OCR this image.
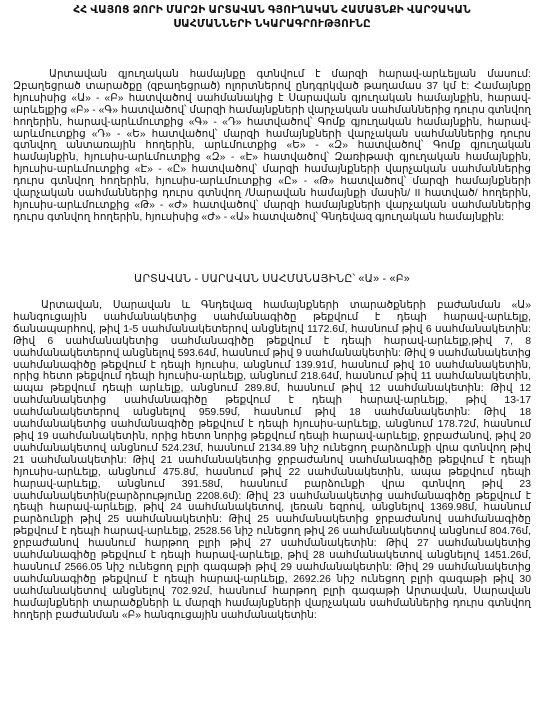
ՀՀ ՎԱՅՈՑ ՁՈՐԻ ՄԱՐԶԻ ԱՐՏԱՎԱՆ ԳՅՈՒՂԱԿԱՆ ՀԱՄԱՅՆՔԻ ՎԱՐՉԱԿԱՆ
ՍԱՀՄԱՆՆԵՐԻ ՆԿԱՐԱԳՐՈՒԹՅՈՒՆԸ

Արտավան գյուղական համայնքը գտնվում է մարզի հարավ-արևելյան մասում: Զբաղեցրած տարածքը (զբաղեցրած) ոլորտներով ընդգրկված թաղամաս 37 կմ է: Համայնքը հյուսիսից «Ա» - «Բ» հատվածով սահմանակից է Սարավան գյուղական համայնքին, հարավ-արևելքից «Բ» - «Գ» հատվածով՝ մարզի համայնքների վարչական սահմաններից դուրս գտնվող հողերին, հարավ-արևմուտքից «Գ» - «Դ» հատվածով՝ Գոմք գյուղական համայնքին, հարավ-արևմուտքից «Դ» - «Ե» հատվածով՝ մարզի համայնքների վարչական սահմաններից դուրս գտնվող անտառային հողերին, արևմուտքից «Ե» - «Զ» հատվածով՝ Գոմք գյուղական համայնքին, հյուսիս-արևմուտքից «Զ» - «Է» հատվածով՝ Զառիթափ գյուղական համայնքին, հյուսիս-արևմուտքից «Է» - «Ը» հատվածով՝ մարզի համայնքների վարչական սահմաններից դուրս գտնվող հողերին, հյուսիս-արևմուտքից «Ը» - «Թ» հատվածով՝ մարզի համայնքների վարչական սահմաններից դուրս գտնվող /Սարավան համայնքի մասին/ II հատված/ հողերին, հյուսիս-արևմուտքից «Թ» - «Ժ» հատվածով՝ մարզի համայնքների վարչական սահմաններից դուրս գտնվող հողերին, հյուսիսից «Ժ» - «Ա» հատվածով՝ Գնդեվազ գյուղական համայնքին:

ԱՐՏԱՎԱՆ - ՍԱՐԱՎԱՆ ՍԱՀՄԱՆԱՅԻՆԸ՝ «Ա» - «Բ»

Արտավան, Սարավան և Գնդեվազ համայնքների տարածքների բաժանման «Ա» հանգուցային սահմանակետից սահմանագիծը թեքվում է դեպի հարավ-արևելք, ճանապարհով, թիվ 1-5 սահմանակետերով անցնելով 1172.6մ, հասնում թիվ 6 սահմանակետին: Թիվ 6 սահմանակետից սահմանագիծը թեքվում է դեպի հարավ-արևելք,թիվ 7, 8 սահմանակետերով անցնելով 593.64մ, հասնում թիվ 9 սահմանակետին: Թիվ 9 սահմանակետից սահմանագիծը թեքվում է դեպի հյուսիս, անցնում 139.91մ, հասնում թիվ 10 սահմանակետին, որից հետո թեքվում դեպի հյուսիս-արևելք, անցնում 218.64մ, հասնում թիվ 11 սահմանակետին, ապա թեքվում դեպի արևելք, անցնում 289.8մ, հասնում թիվ 12 սահմանակետին: Թիվ 12 սահմանակետից սահմանագիծը թեքվում է դեպի հարավ-արևելք, թիվ 13-17 սահմանակետերով անցնելով 959.59մ, հասնում թիվ 18 սահմանակետին: Թիվ 18 սահմանակետից սահմանագիծը թեքվում է դեպի հյուսիս-արևելք, անցնում 178.72մ, հասնում թիվ 19 սահմանակետին, որից հետո նորից թեքվում դեպի հարավ-արևելք, ջրբաժանով, թիվ 20 սահմանակետով անցնում 524.23մ, հասնում 2134.89 նիշ ունեցող բարձունքի վրա գտնվող թիվ 21 սահմանակետին: Թիվ 21 սահմանակետից ջրբաժանով սահմանագիծը թեքվում է դեպի հյուսիս-արևելք, անցնում 475.8մ, հասնում թիվ 22 սահմանակետին, ապա թեքվում դեպի հարավ-արևելք, անցնում 391.58մ, հասնում բարձունքի վրա գտնվող թիվ 23 սահմանակետին(բարձրությունը 2208.6մ): Թիվ 23 սահմանակետից սահմանագիծը թեքվում է դեպի հարավ-արևելք, թիվ 24 սահմանակետով, լեռան եզրով, անցնելով 1369.98մ, հասնում բարձունքի թիվ 25 սահմանակետին: Թիվ 25 սահմանակետից ջրբաժանով սահմանագիծը թեքվում է դեպի հարավ-արևելք, 2528.56 նիշ ունեցող թիվ 26 սահմանակետով անցնում 804.76մ, ջրբաժանով հասնում հարթող բլրի թիվ 27 սահմանակետին: Թիվ 27 սահմանակետից սահմանագիծը թեքվում է դեպի հարավ-արևելք, թիվ 28 սահմանակետով անցնելով 1451.26մ, հասնում 2566.05 նիշ ունեցող բլրի գագաթի թիվ 29 սահմանակետին: Թիվ 29 սահմանակետից սահմանագիծը թեքվում է դեպի հարավ-արևելք, 2692.26 նիշ ունեցող բլրի գագաթի թիվ 30 սահմանակետով անցնելով 702.92մ, հասնում հարթող բլրի գագաթի Արտավան, Սարավան համայնքների տարածքների և մարզի համայնքների վարչական սահմաններից դուրս գտնվող հողերի բաժանման «Բ» հանգուցային սահմանակետին:
